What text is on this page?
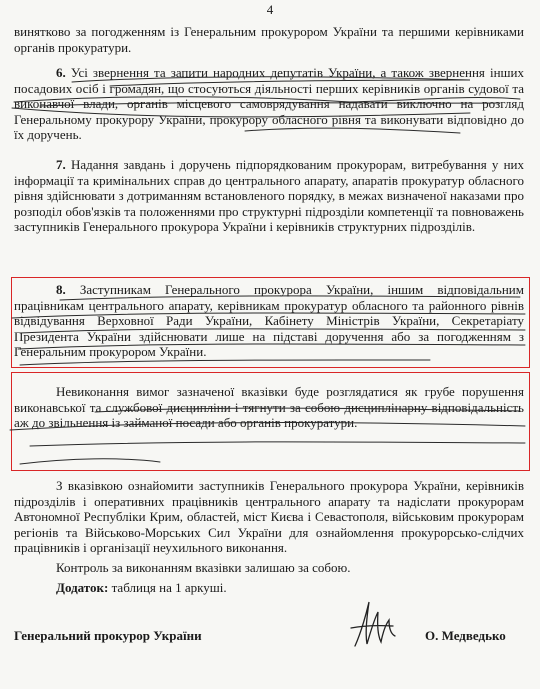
4

винятково за погодженням із Генеральним прокурором України та першими керівниками органів прокуратури.

6. Усі звернення та запити народних депутатів України, а також звернення інших посадових осіб і громадян, що стосуються діяльності перших керівників органів судової та виконавчої влади, органів місцевого самоврядування надавати виключно на розгляд Генеральному прокурору України, прокурору обласного рівня та виконувати відповідно до їх доручень.

7. Надання завдань і доручень підпорядкованим прокурорам, витребування у них інформації та кримінальних справ до центрального апарату, апаратів прокуратур обласного рівня здійснювати з дотриманням встановленого порядку, в межах визначеної наказами про розподіл обов'язків та положеннями про структурні підрозділи компетенції та повноважень заступників Генерального прокурора України і керівників структурних підрозділів.

8. Заступникам Генерального прокурора України, іншим відповідальним працівникам центрального апарату, керівникам прокуратур обласного та районного рівнів відвідування Верховної Ради України, Кабінету Міністрів України, Секретаріату Президента України здійснювати лише на підставі доручення або за погодженням з Генеральним прокурором України.

Невиконання вимог зазначеної вказівки буде розглядатися як грубе порушення виконавської та службової дисципліни і тягнути за собою дисциплінарну відповідальність аж до звільнення із займаної посади або органів прокуратури.

З вказівкою ознайомити заступників Генерального прокурора України, керівників підрозділів і оперативних працівників центрального апарату та надіслати прокурорам Автономної Республіки Крим, областей, міст Києва і Севастополя, військовим прокурорам регіонів та Військово-Морських Сил України для ознайомлення прокурорсько-слідчих працівників і організації неухильного виконання.

Контроль за виконанням вказівки залишаю за собою.
Додаток: таблиця на 1 аркуші.
Генеральний прокурор України	О. Медведько
